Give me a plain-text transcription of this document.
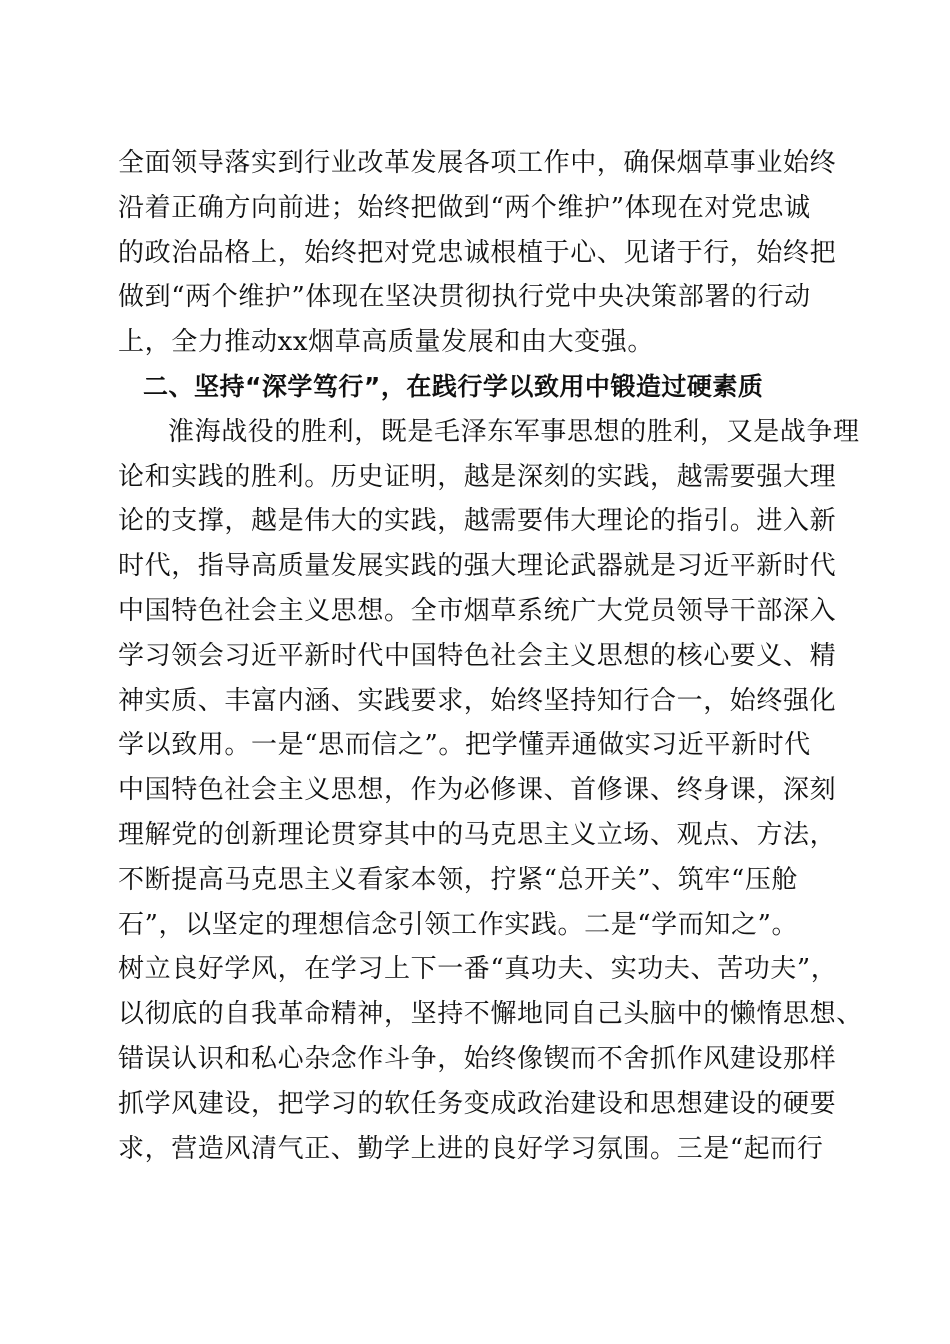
全面领导落实到行业改革发展各项工作中，确保烟草事业始终
沿着正确方向前进；始终把做到“两个维护”体现在对党忠诚
的政治品格上，始终把对党忠诚根植于心、见诸于行，始终把
做到“两个维护”体现在坚决贯彻执行党中央决策部署的行动
上，全力推动xx烟草高质量发展和由大变强。
二、坚持“深学笃行”，在践行学以致用中锻造过硬素质
淮海战役的胜利，既是毛泽东军事思想的胜利，又是战争理
论和实践的胜利。历史证明，越是深刻的实践，越需要强大理
论的支撑，越是伟大的实践，越需要伟大理论的指引。进入新
时代，指导高质量发展实践的强大理论武器就是习近平新时代
中国特色社会主义思想。全市烟草系统广大党员领导干部深入
学习领会习近平新时代中国特色社会主义思想的核心要义、精
神实质、丰富内涵、实践要求，始终坚持知行合一，始终强化
学以致用。一是“思而信之”。把学懂弄通做实习近平新时代
中国特色社会主义思想，作为必修课、首修课、终身课，深刻
理解党的创新理论贯穿其中的马克思主义立场、观点、方法，
不断提高马克思主义看家本领，拧紧“总开关”、筑牢“压舱
石”，以坚定的理想信念引领工作实践。二是“学而知之”。
树立良好学风，在学习上下一番“真功夫、实功夫、苦功夫”，
以彻底的自我革命精神，坚持不懈地同自己头脑中的懒惰思想、
错误认识和私心杂念作斗争，始终像锲而不舍抓作风建设那样
抓学风建设，把学习的软任务变成政治建设和思想建设的硬要
求，营造风清气正、勤学上进的良好学习氛围。三是“起而行
